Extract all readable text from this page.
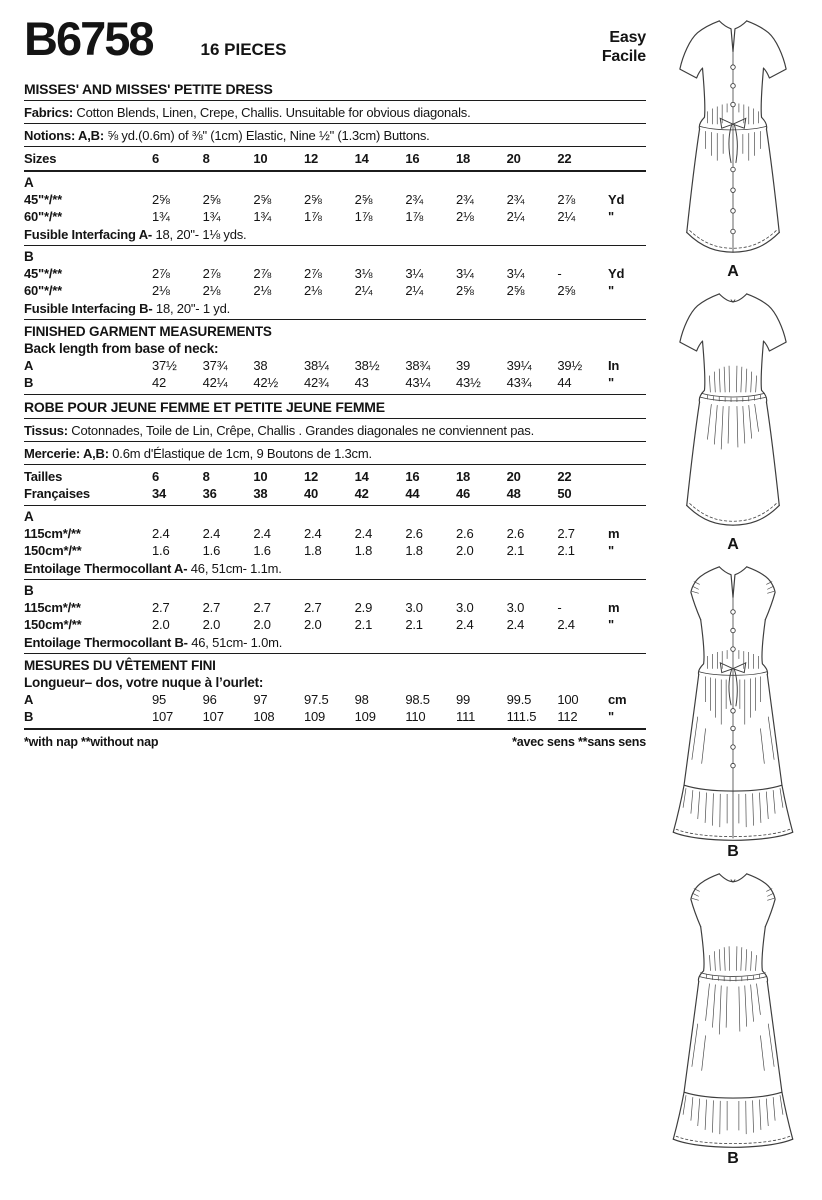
B6758	16 PIECES
Easy
Facile
MISSES' AND MISSES' PETITE DRESS
Fabrics: Cotton Blends, Linen, Crepe, Challis. Unsuitable for obvious diagonals.
Notions: A,B: ⅝ yd.(0.6m) of ⅜" (1cm) Elastic, Nine ½" (1.3cm) Buttons.
Sizes	6	8	10	12	14	16	18	20	22
A
45"*/**	2⅝	2⅝	2⅝	2⅝	2⅝	2¾	2¾	2¾	2⅞	Yd
60"*/**	1¾	1¾	1¾	1⅞	1⅞	1⅞	2⅛	2¼	2¼	"
Fusible Interfacing A- 18, 20"- 1⅛ yds.
B
45"*/**	2⅞	2⅞	2⅞	2⅞	3⅛	3¼	3¼	3¼	-	Yd
60"*/**	2⅛	2⅛	2⅛	2⅛	2¼	2¼	2⅝	2⅝	2⅝	"
Fusible Interfacing B- 18, 20"- 1 yd.
FINISHED GARMENT MEASUREMENTS
Back length from base of neck:
A	37½	37¾	38	38¼	38½	38¾	39	39¼	39½	In
B	42	42¼	42½	42¾	43	43¼	43½	43¾	44	"
ROBE POUR JEUNE FEMME ET PETITE JEUNE FEMME
Tissus: Cotonnades, Toile de Lin, Crêpe, Challis . Grandes diagonales ne conviennent pas.
Mercerie: A,B: 0.6m d'Élastique de 1cm, 9 Boutons de 1.3cm.
Tailles	6	8	10	12	14	16	18	20	22
Françaises	34	36	38	40	42	44	46	48	50
A
115cm*/**	2.4	2.4	2.4	2.4	2.4	2.6	2.6	2.6	2.7	m
150cm*/**	1.6	1.6	1.6	1.8	1.8	1.8	2.0	2.1	2.1	"
Entoilage Thermocollant A- 46, 51cm- 1.1m.
B
115cm*/**	2.7	2.7	2.7	2.7	2.9	3.0	3.0	3.0	-	m
150cm*/**	2.0	2.0	2.0	2.0	2.1	2.1	2.4	2.4	2.4	"
Entoilage Thermocollant B- 46, 51cm- 1.0m.
MESURES DU VÊTEMENT FINI
Longueur– dos, votre nuque à l’ourlet:
A	95	96	97	97.5	98	98.5	99	99.5	100	cm
B	107	107	108	109	109	110	111	111.5	112	"
*with nap **without nap	*avec sens **sans sens
A
A
B
B
